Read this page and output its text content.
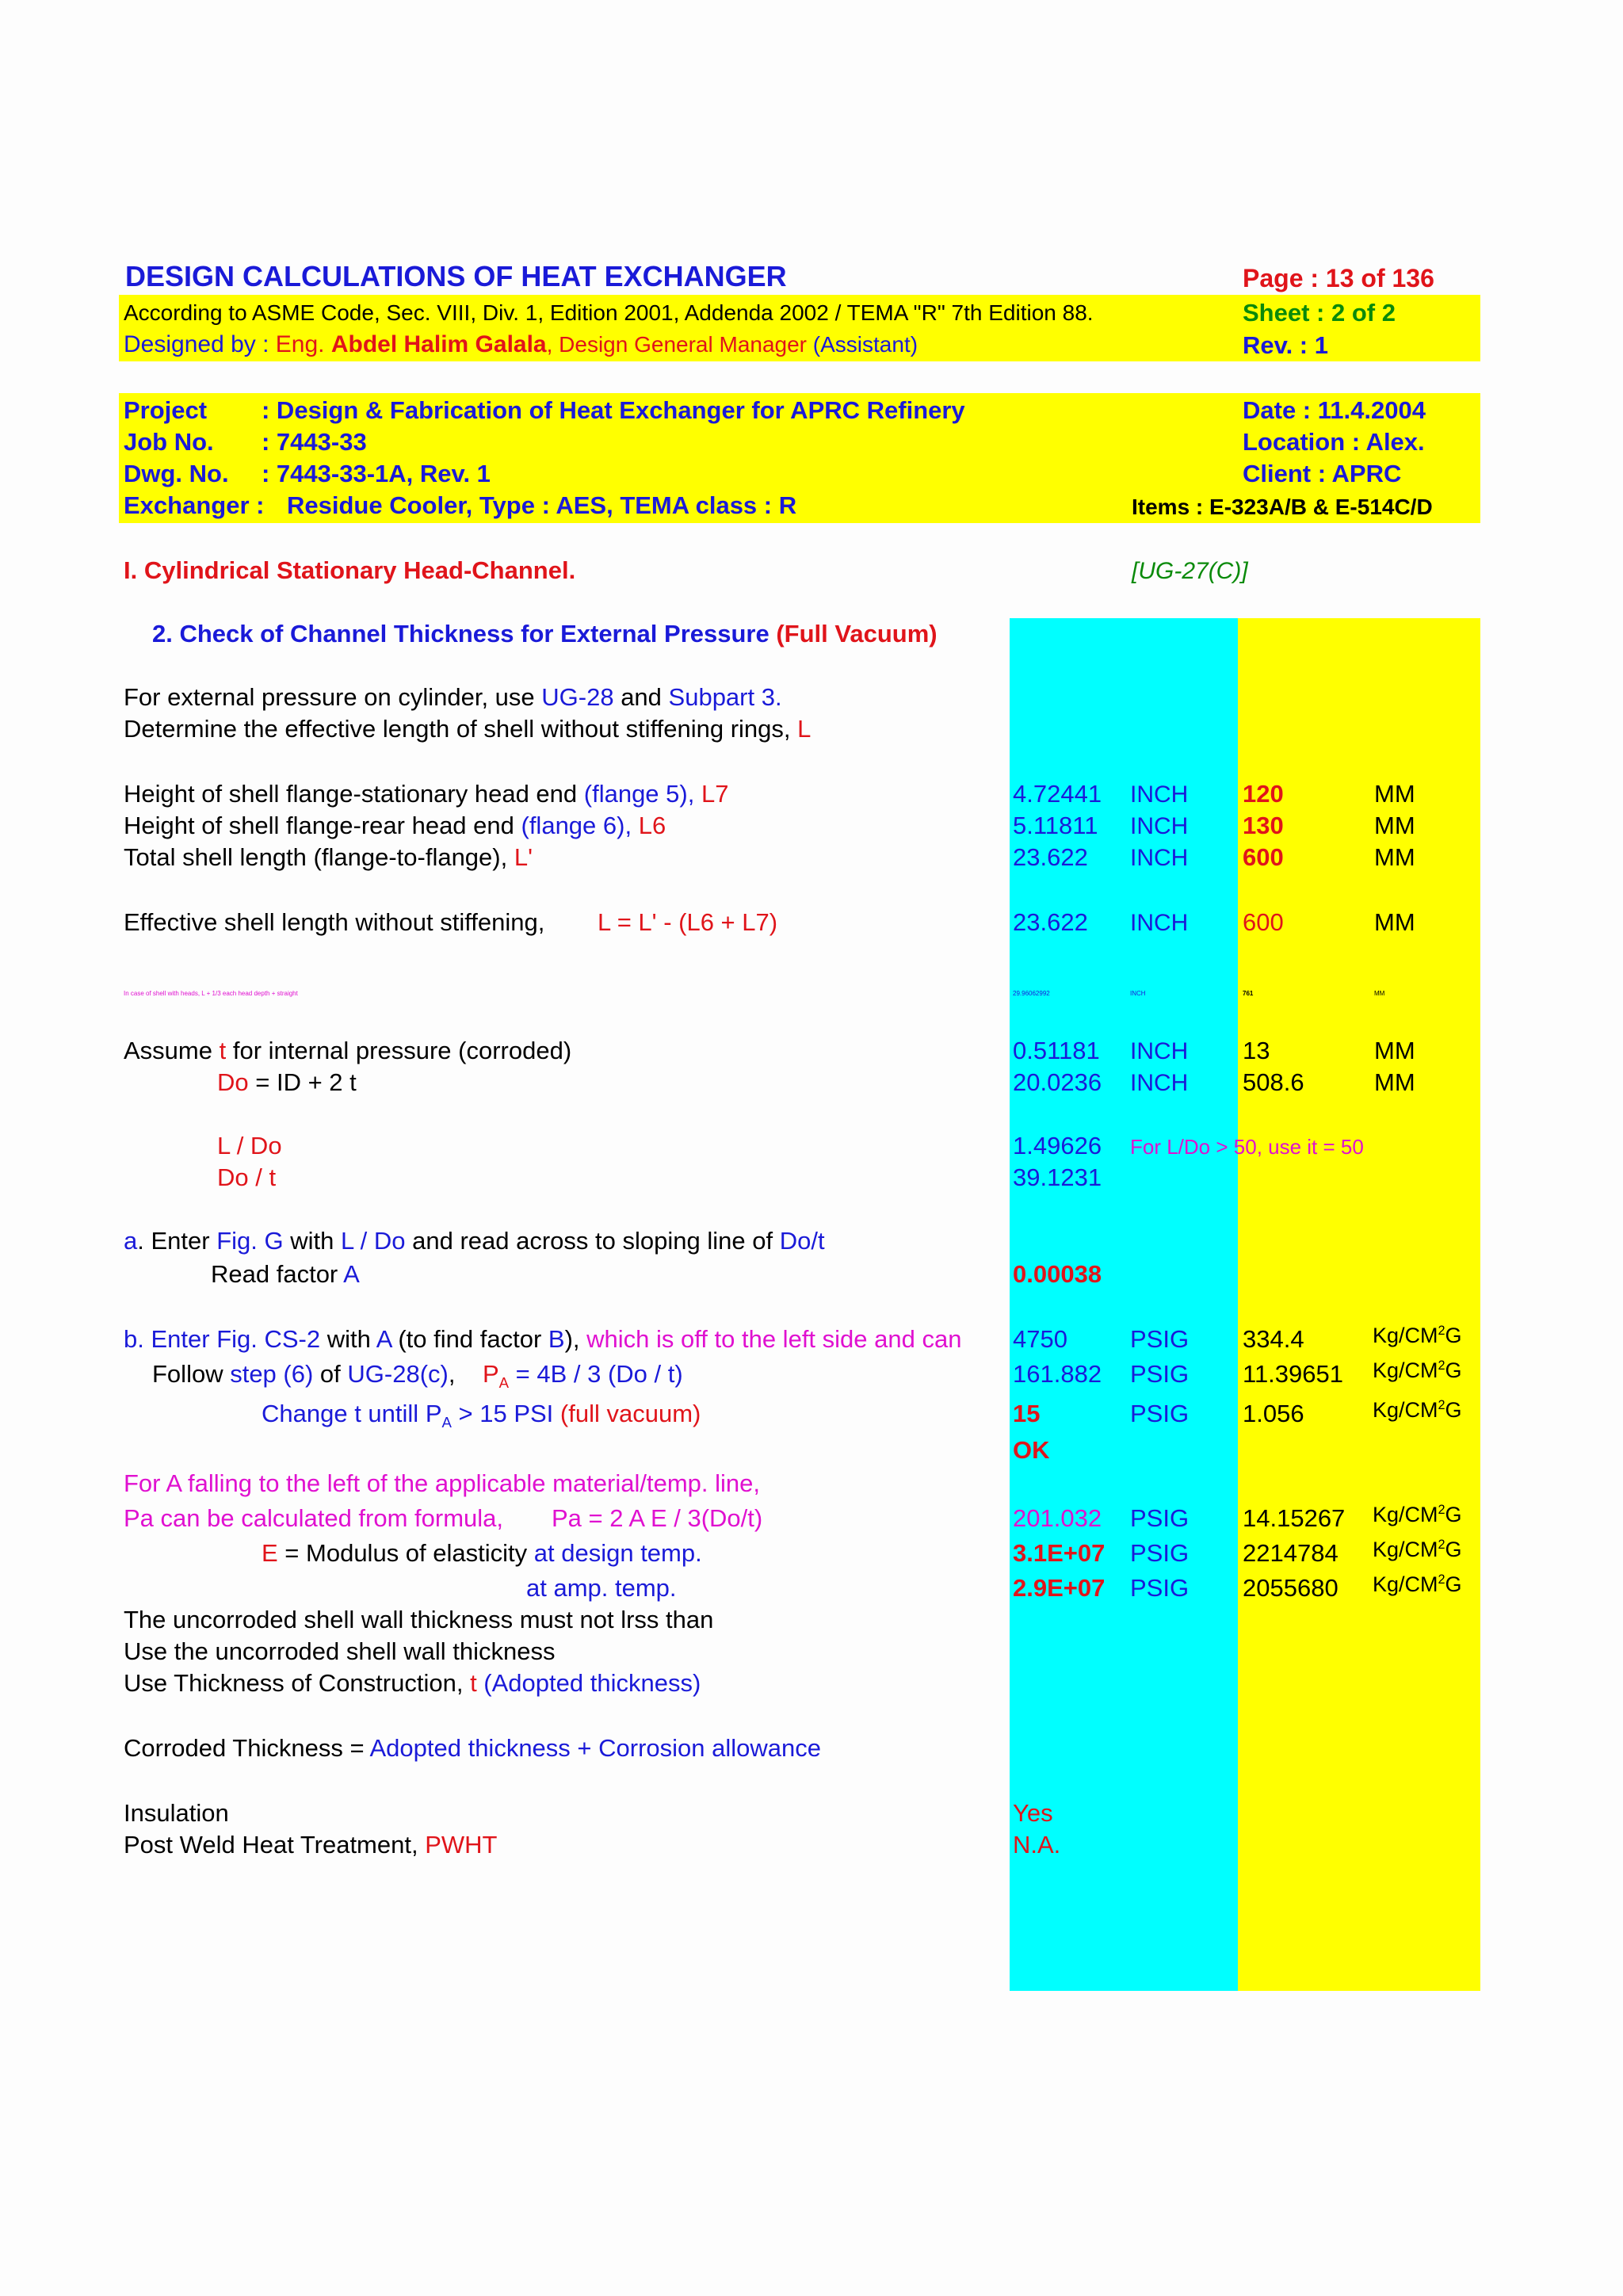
DESIGN CALCULATIONS OF HEAT EXCHANGER	Page : 13 of 136
According to ASME Code, Sec. VIII, Div. 1, Edition 2001, Addenda 2002 / TEMA "R" 7th Edition 88.	Sheet : 2 of 2
Designed by : Eng. Abdel Halim Galala, Design General Manager (Assistant)	Rev. : 1
Project : Design & Fabrication of Heat Exchanger for APRC Refinery	Date : 11.4.2004
Job No. : 7443-33	Location : Alex.
Dwg. No. : 7443-33-1A, Rev. 1	Client : APRC
Exchanger : Residue Cooler, Type : AES, TEMA class : R	Items : E-323A/B & E-514C/D
I. Cylindrical Stationary Head-Channel.	[UG-27(C)]
2. Check of Channel Thickness for External Pressure (Full Vacuum)
For external pressure on cylinder, use UG-28 and Subpart 3.
Determine the effective length of shell without stiffening rings, L
Height of shell flange-stationary head end (flange 5), L7	4.72441 INCH 120	MM
Height of shell flange-rear head end (flange 6), L6	5.11811 INCH 130	MM
Total shell length (flange-to-flange), L'	23.622 INCH 600	MM
Effective shell length without stiffening, L = L' - (L6 + L7)	23.622 INCH 600	MM
In case of shell with heads, L + 1/3 each head depth + straight	29.96062992	INCH	761	MM
Assume t for internal pressure (corroded)	0.51181 INCH 13	MM
Do = ID + 2 t	20.0236 INCH 508.6	MM
L / Do	1.49626 For L/Do > 50, use it = 50
Do / t	39.1231
a. Enter Fig. G with L / Do and read across to sloping line of Do/t
Read factor A	0.00038
b. Enter Fig. CS-2 with A (to find factor B), which is off to the left side and can	4750	PSIG 334.4	$Kg/CM^2G$
Follow step (6) of UG-28(c), $P_A = 4B / 3$ (Do / t)	161.882 PSIG 11.39651 $Kg/CM^2G$
Change t untill $P_A > 15$ PSI (full vacuum)	15	PSIG 1.056	$Kg/CM^2G$
OK
For A falling to the left of the applicable material/temp. line,
Pa can be calculated from formula, Pa = 2 A E / 3(Do/t)	201.032 PSIG 14.15267 $Kg/CM^2G$
E = Modulus of elasticity at design temp.	3.1E+07 PSIG 2214784 $Kg/CM^2G$
at amp. temp.	2.9E+07 PSIG 2055680 $Kg/CM^2G$
The uncorroded shell wall thickness must not lrss than
Use the uncorroded shell wall thickness
Use Thickness of Construction, t (Adopted thickness)
Corroded Thickness = Adopted thickness + Corrosion allowance
Insulation	Yes
Post Weld Heat Treatment, PWHT	N.A.
